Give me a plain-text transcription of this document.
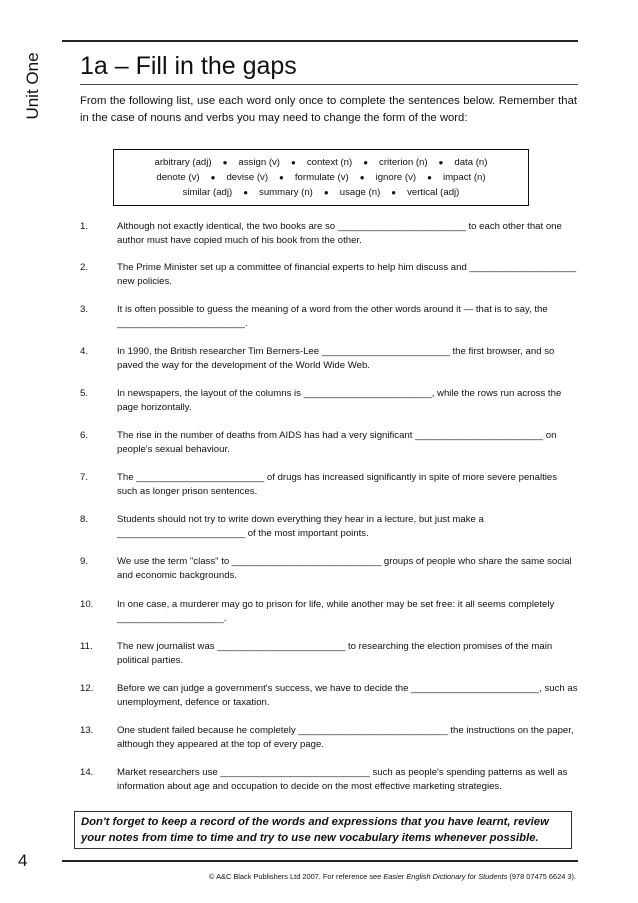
Unit One 1a – Fill in the gaps
From the following list, use each word only once to complete the sentences below. Remember that in the case of nouns and verbs you may need to change the form of the word:
arbitrary (adj) ● assign (v) ● context (n) ● criterion (n) ● data (n)
denote (v) ● devise (v) ● formulate (v) ● ignore (v) ● impact (n)
similar (adj) ● summary (n) ● usage (n) ● vertical (adj)
1.	Although not exactly identical, the two books are so ________________________ to each other that one author must have copied much of his book from the other.
2.	The Prime Minister set up a committee of financial experts to help him discuss and ____________________ new policies.
3.	It is often possible to guess the meaning of a word from the other words around it — that is to say, the ________________________.
4.	In 1990, the British researcher Tim Berners-Lee ________________________ the first browser, and so paved the way for the development of the World Wide Web.
5.	In newspapers, the layout of the columns is ________________________, while the rows run across the page horizontally.
6.	The rise in the number of deaths from AIDS has had a very significant ________________________ on people's sexual behaviour.
7.	The ________________________ of drugs has increased significantly in spite of more severe penalties such as longer prison sentences.
8.	Students should not try to write down everything they hear in a lecture, but just make a ________________________ of the most important points.
9.	We use the term "class" to ____________________________ groups of people who share the same social and economic backgrounds.
10. In one case, a murderer may go to prison for life, while another may be set free: it all seems completely ____________________.
11.	The new journalist was ________________________ to researching the election promises of the main political parties.
12. Before we can judge a government's success, we have to decide the ________________________, such as unemployment, defence or taxation.
13. One student failed because he completely ____________________________ the instructions on the paper, although they appeared at the top of every page.
14. Market researchers use ____________________________ such as people's spending patterns as well as information about age and occupation to decide on the most effective marketing strategies.
Don't forget to keep a record of the words and expressions that you have learnt, review your notes from time to time and try to use new vocabulary items whenever possible.
4
© A&C Black Publishers Ltd 2007. For reference see Easier English Dictionary for Students (978 07475 6624 3).
